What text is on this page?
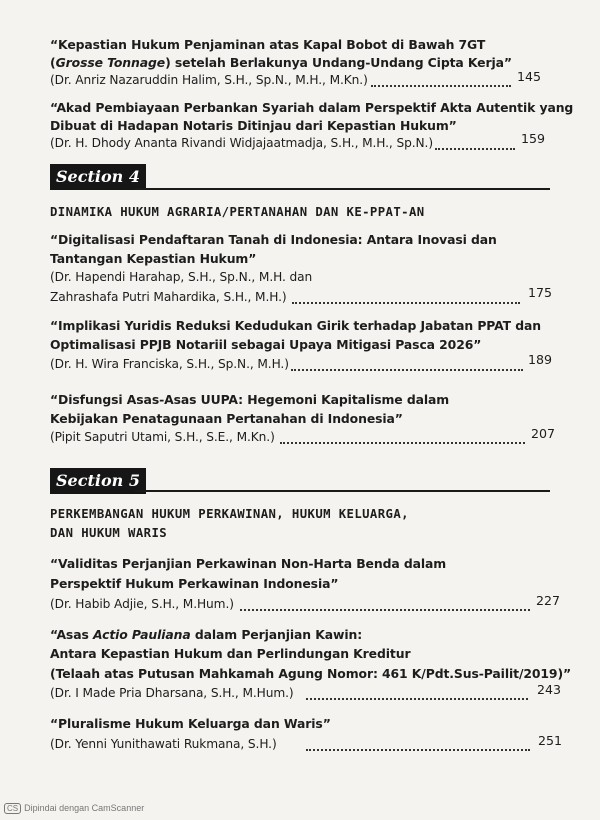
“Kepastian Hukum Penjaminan atas Kapal Bobot di Bawah 7GT
(Grosse Tonnage) setelah Berlakunya Undang-Undang Cipta Kerja”
(Dr. Anriz Nazaruddin Halim, S.H., Sp.N., M.H., M.Kn.)	145
“Akad Pembiayaan Perbankan Syariah dalam Perspektif Akta Autentik yang
Dibuat di Hadapan Notaris Ditinjau dari Kepastian Hukum”
(Dr. H. Dhody Ananta Rivandi Widjajaatmadja, S.H., M.H., Sp.N.)	159
Section 4
DINAMIKA HUKUM AGRARIA/PERTANAHAN DAN KE-PPAT-AN
“Digitalisasi Pendaftaran Tanah di Indonesia: Antara Inovasi dan
Tantangan Kepastian Hukum”
(Dr. Hapendi Harahap, S.H., Sp.N., M.H. dan
Zahrashafa Putri Mahardika, S.H., M.H.)	175
“Implikasi Yuridis Reduksi Kedudukan Girik terhadap Jabatan PPAT dan
Optimalisasi PPJB Notariil sebagai Upaya Mitigasi Pasca 2026”
(Dr. H. Wira Franciska, S.H., Sp.N., M.H.)	189
“Disfungsi Asas-Asas UUPA: Hegemoni Kapitalisme dalam
Kebijakan Penatagunaan Pertanahan di Indonesia”
(Pipit Saputri Utami, S.H., S.E., M.Kn.)	207
Section 5
PERKEMBANGAN HUKUM PERKAWINAN, HUKUM KELUARGA,
DAN HUKUM WARIS
“Validitas Perjanjian Perkawinan Non-Harta Benda dalam
Perspektif Hukum Perkawinan Indonesia”
(Dr. Habib Adjie, S.H., M.Hum.)	227
“Asas Actio Pauliana dalam Perjanjian Kawin:
Antara Kepastian Hukum dan Perlindungan Kreditur
(Telaah atas Putusan Mahkamah Agung Nomor: 461 K/Pdt.Sus-Pailit/2019)”
(Dr. I Made Pria Dharsana, S.H., M.Hum.)	243
“Pluralisme Hukum Keluarga dan Waris”
(Dr. Yenni Yunithawati Rukmana, S.H.)	251
CS Dipindai dengan CamScanner
